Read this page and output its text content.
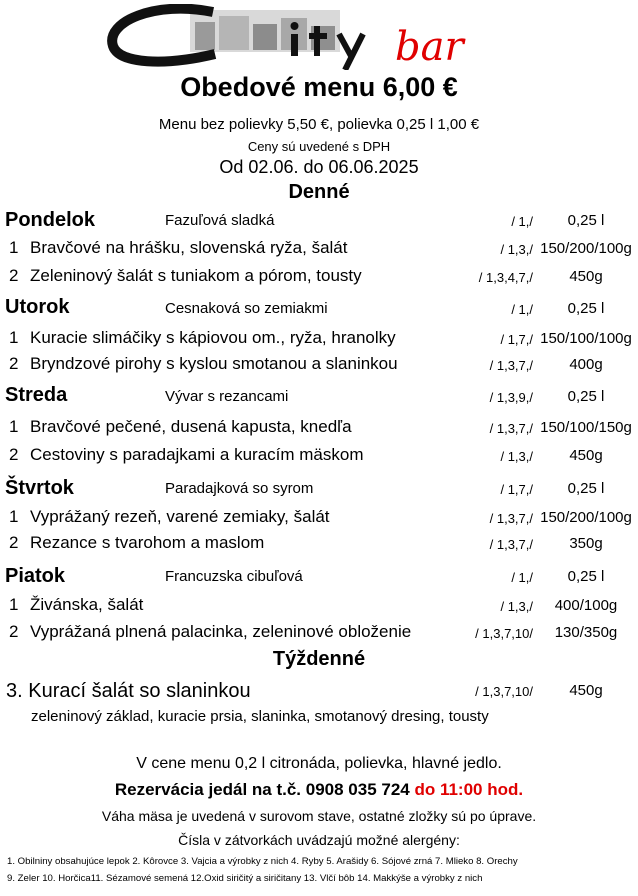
bar
Obedové menu 6,00 €
Menu bez polievky 5,50 €, polievka 0,25 l 1,00 €
Ceny sú uvedené s DPH
Od 02.06. do 06.06.2025
Denné
Pondelok	Fazuľová sladká	/ 1,/	0,25 l
1 Bravčové na hrášku, slovenská ryža, šalát	/ 1,3,/ 150/200/100g
2 Zeleninový šalát s tuniakom a pórom, tousty	/ 1,3,4,7,/	450g
Utorok	Cesnaková so zemiakmi	/ 1,/	0,25 l
1 Kuracie slimáčiky s kápiovou om., ryža, hranolky	/ 1,7,/ 150/100/100g
2 Bryndzové pirohy s kyslou smotanou a slaninkou	/ 1,3,7,/	400g
Streda	Vývar s rezancami	/ 1,3,9,/	0,25 l
1 Bravčové pečené, dusená kapusta, knedľa	/ 1,3,7,/ 150/100/150g
2 Cestoviny s paradajkami a kuracím mäskom	/ 1,3,/	450g
Štvrtok	Paradajková so syrom	/ 1,7,/	0,25 l
1 Vyprážaný rezeň, varené zemiaky, šalát	/ 1,3,7,/ 150/200/100g
2 Rezance s tvarohom a maslom	/ 1,3,7,/	350g
Piatok	Francuzska cibuľová	/ 1,/	0,25 l
1 Živánska, šalát	/ 1,3,/	400/100g
2 Vyprážaná plnená palacinka, zeleninové obloženie	/ 1,3,7,10/	130/350g
Týždenné
3. Kurací šalát so slaninkou	/ 1,3,7,10/	450g
zeleninový základ, kuracie prsia, slaninka, smotanový dresing, tousty
V cene menu 0,2 l citronáda, polievka, hlavné jedlo.
Rezervácia jedál na t.č. 0908 035 724 do 11:00 hod.
Váha mäsa je uvedená v surovom stave, ostatné zložky sú po úprave.
Čísla v zátvorkách uvádzajú možné alergény:
1. Obilniny obsahujúce lepok 2. Kôrovce 3. Vajcia a výrobky z nich 4. Ryby 5. Arašidy 6. Sójové zrná 7. Mlieko 8. Orechy
9. Zeler 10. Horčica11. Sézamové semená 12.Oxid siričitý a siričitany 13. Vlčí bôb 14. Makkýše a výrobky z nich
